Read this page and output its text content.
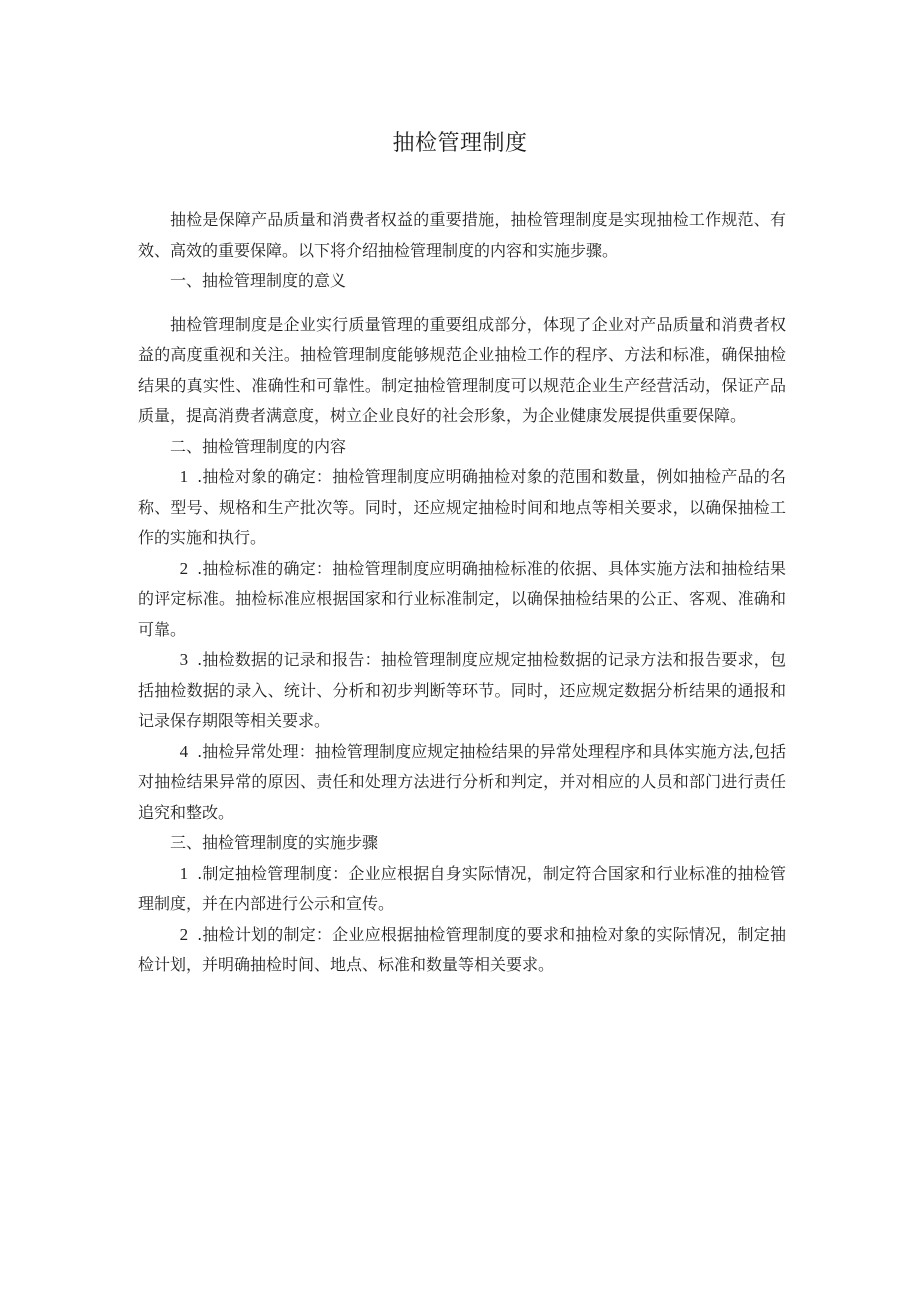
抽检管理制度

抽检是保障产品质量和消费者权益的重要措施，抽检管理制度是实现抽检工作规范、有效、高效的重要保障。以下将介绍抽检管理制度的内容和实施步骤。

一、抽检管理制度的意义

抽检管理制度是企业实行质量管理的重要组成部分，体现了企业对产品质量和消费者权益的高度重视和关注。抽检管理制度能够规范企业抽检工作的程序、方法和标准，确保抽检结果的真实性、准确性和可靠性。制定抽检管理制度可以规范企业生产经营活动，保证产品质量，提高消费者满意度，树立企业良好的社会形象，为企业健康发展提供重要保障。

二、抽检管理制度的内容

1 .抽检对象的确定：抽检管理制度应明确抽检对象的范围和数量，例如抽检产品的名称、型号、规格和生产批次等。同时，还应规定抽检时间和地点等相关要求，以确保抽检工作的实施和执行。

2 .抽检标准的确定：抽检管理制度应明确抽检标准的依据、具体实施方法和抽检结果的评定标准。抽检标准应根据国家和行业标准制定，以确保抽检结果的公正、客观、准确和可靠。

3 .抽检数据的记录和报告：抽检管理制度应规定抽检数据的记录方法和报告要求，包括抽检数据的录入、统计、分析和初步判断等环节。同时，还应规定数据分析结果的通报和记录保存期限等相关要求。

4 .抽检异常处理：抽检管理制度应规定抽检结果的异常处理程序和具体实施方法,包括对抽检结果异常的原因、责任和处理方法进行分析和判定，并对相应的人员和部门进行责任追究和整改。

三、抽检管理制度的实施步骤

1 .制定抽检管理制度：企业应根据自身实际情况，制定符合国家和行业标准的抽检管理制度，并在内部进行公示和宣传。

2 .抽检计划的制定：企业应根据抽检管理制度的要求和抽检对象的实际情况，制定抽检计划，并明确抽检时间、地点、标准和数量等相关要求。
